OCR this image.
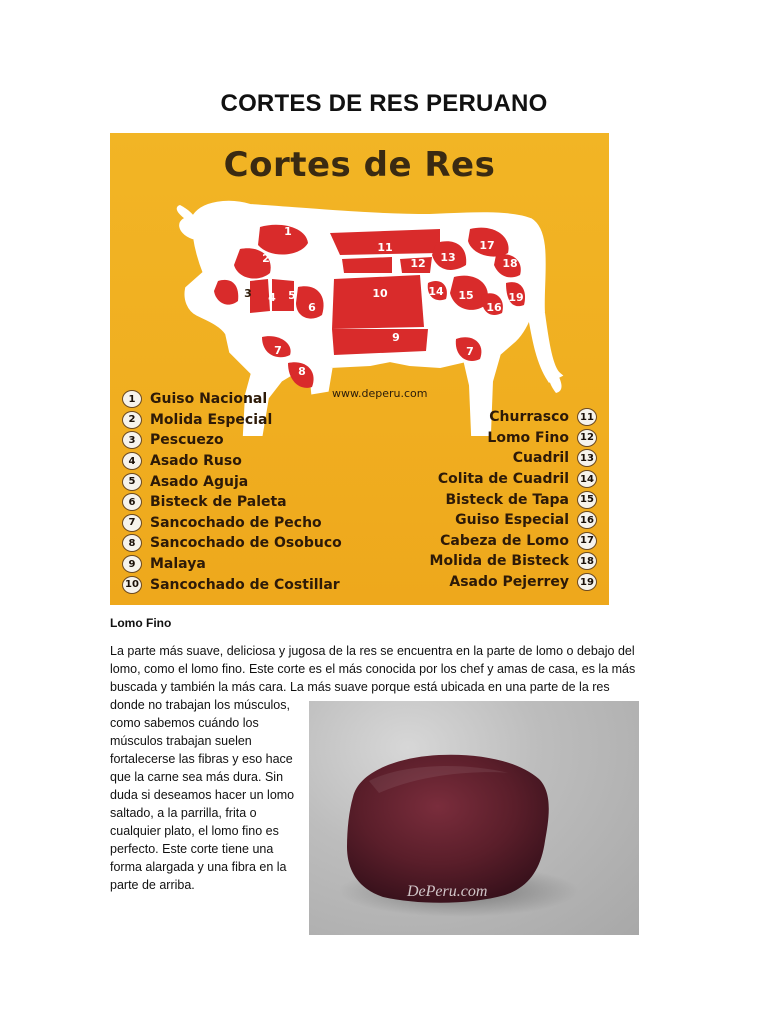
CORTES DE RES PERUANO
Cortes de Res
1
2
3 4 5
6
7
8
9
10
11
12 13
14 15
16
17
18
19
7
www.deperu.com
1	Guiso Nacional
2	Molida Especial
3	Pescuezo
4	Asado Ruso
5	Asado Aguja
6	Bisteck de Paleta
7	Sancochado de Pecho
8	Sancochado de Osobuco
9	Malaya
10 Sancochado de Costillar
Churrasco	11
Lomo Fino	12
Cuadril	13
Colita de Cuadril	14
Bisteck de Tapa	15
Guiso Especial	16
Cabeza de Lomo	17
Molida de Bisteck	18
Asado Pejerrey	19
Lomo Fino
La parte más suave, deliciosa y jugosa de la res se encuentra en la parte de lomo o debajo del lomo, como el lomo fino. Este corte es el más conocida por los chef y amas de casa, es la más buscada y también la más cara. La más suave porque está ubicada en una parte de la res
donde no trabajan los músculos, como sabemos cuándo los músculos trabajan suelen fortalecerse las fibras y eso hace que la carne sea más dura. Sin duda si deseamos hacer un lomo saltado, a la parrilla, frita o cualquier plato, el lomo fino es perfecto. Este corte tiene una forma alargada y una fibra en la parte de arriba.	DePeru.com
